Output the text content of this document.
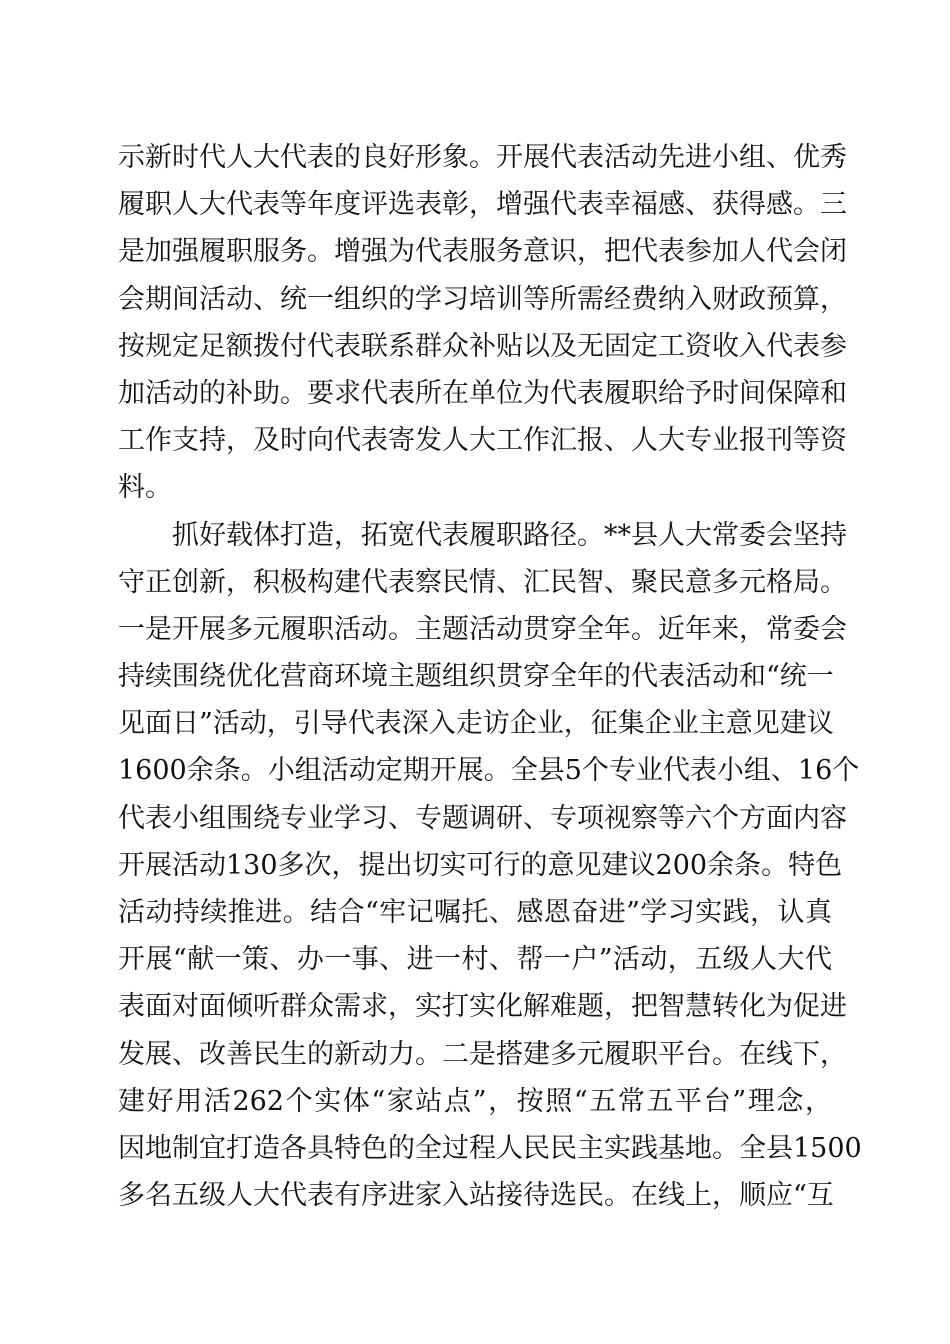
示新时代人大代表的良好形象。开展代表活动先进小组、优秀
履职人大代表等年度评选表彰，增强代表幸福感、获得感。三
是加强履职服务。增强为代表服务意识，把代表参加人代会闭
会期间活动、统一组织的学习培训等所需经费纳入财政预算，
按规定足额拨付代表联系群众补贴以及无固定工资收入代表参
加活动的补助。要求代表所在单位为代表履职给予时间保障和
工作支持，及时向代表寄发人大工作汇报、人大专业报刊等资
料。
抓好载体打造，拓宽代表履职路径。**县人大常委会坚持
守正创新，积极构建代表察民情、汇民智、聚民意多元格局。
一是开展多元履职活动。主题活动贯穿全年。近年来，常委会
持续围绕优化营商环境主题组织贯穿全年的代表活动和“统一
见面日”活动，引导代表深入走访企业，征集企业主意见建议
1600余条。小组活动定期开展。全县5个专业代表小组、16个
代表小组围绕专业学习、专题调研、专项视察等六个方面内容
开展活动130多次，提出切实可行的意见建议200余条。特色
活动持续推进。结合“牢记嘱托、感恩奋进”学习实践，认真
开展“献一策、办一事、进一村、帮一户”活动，五级人大代
表面对面倾听群众需求，实打实化解难题，把智慧转化为促进
发展、改善民生的新动力。二是搭建多元履职平台。在线下，
建好用活262个实体“家站点”，按照“五常五平台”理念，
因地制宜打造各具特色的全过程人民民主实践基地。全县1500
多名五级人大代表有序进家入站接待选民。在线上，顺应“互
